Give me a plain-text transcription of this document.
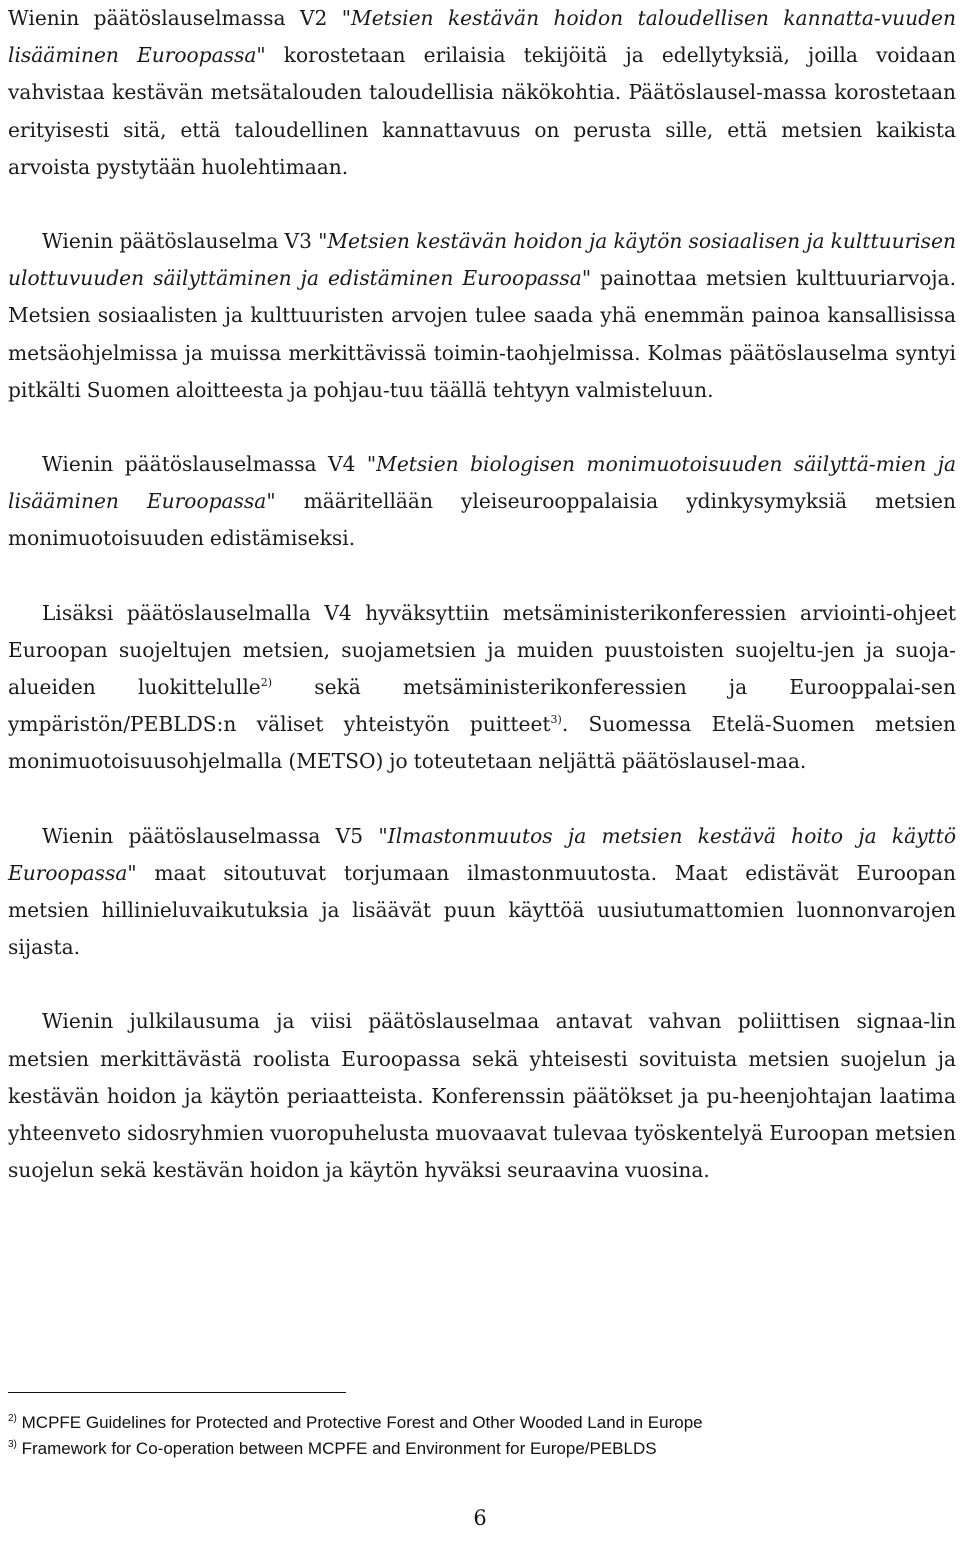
Wienin päätöslauselmassa V2 "Metsien kestävän hoidon taloudellisen kannatta-vuuden lisääminen Euroopassa" korostetaan erilaisia tekijöitä ja edellytyksiä, joilla voidaan vahvistaa kestävän metsätalouden taloudellisia näkökohtia. Päätöslausel-massa korostetaan erityisesti sitä, että taloudellinen kannattavuus on perusta sille, että metsien kaikista arvoista pystytään huolehtimaan.

Wienin päätöslauselma V3 "Metsien kestävän hoidon ja käytön sosiaalisen ja kulttuurisen ulottuvuuden säilyttäminen ja edistäminen Euroopassa" painottaa metsien kulttuuriarvoja. Metsien sosiaalisten ja kulttuuristen arvojen tulee saada yhä enemmän painoa kansallisissa metsäohjelmissa ja muissa merkittävissä toimin-taohjelmissa. Kolmas päätöslauselma syntyi pitkälti Suomen aloitteesta ja pohjau-tuu täällä tehtyyn valmisteluun.

Wienin päätöslauselmassa V4 "Metsien biologisen monimuotoisuuden säilyttä-mien ja lisääminen Euroopassa" määritellään yleiseurooppalaisia ydinkysymyksiä metsien monimuotoisuuden edistämiseksi.

Lisäksi päätöslauselmalla V4 hyväksyttiin metsäministerikonferessien arviointi-ohjeet Euroopan suojeltujen metsien, suojametsien ja muiden puustoisten suojeltu-jen ja suoja-alueiden luokittelulle$^{2)}$ sekä metsäministerikonferessien ja Eurooppalai-sen ympäristön/PEBLDS:n väliset yhteistyön puitteet$^{3)}$. Suomessa Etelä-Suomen metsien monimuotoisuusohjelmalla (METSO) jo toteutetaan neljättä päätöslausel-maa.

Wienin päätöslauselmassa V5 "Ilmastonmuutos ja metsien kestävä hoito ja käyttö Euroopassa" maat sitoutuvat torjumaan ilmastonmuutosta. Maat edistävät Euroopan metsien hillinieluvaikutuksia ja lisäävät puun käyttöä uusiutumattomien luonnonvarojen sijasta.

Wienin julkilausuma ja viisi päätöslauselmaa antavat vahvan poliittisen signaa-lin metsien merkittävästä roolista Euroopassa sekä yhteisesti sovituista metsien suojelun ja kestävän hoidon ja käytön periaatteista. Konferenssin päätökset ja pu-heenjohtajan laatima yhteenveto sidosryhmien vuoropuhelusta muovaavat tulevaa työskentelyä Euroopan metsien suojelun sekä kestävän hoidon ja käytön hyväksi seuraavina vuosina.

$^{2)}$ MCPFE Guidelines for Protected and Protective Forest and Other Wooded Land in Europe
$^{3)}$ Framework for Co-operation between MCPFE and Environment for Europe/PEBLDS
6
